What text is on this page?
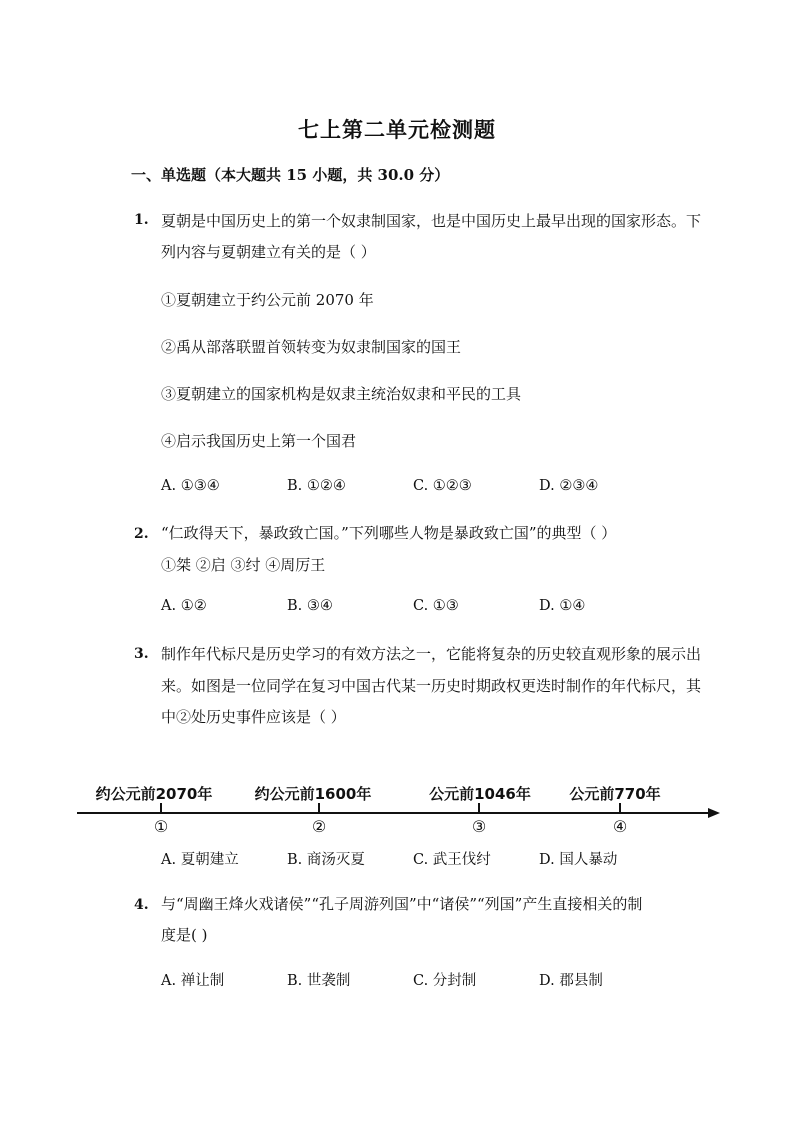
七上第二单元检测题
一、单选题（本大题共 15 小题，共 30.0 分）
1. 夏朝是中国历史上的第一个奴隶制国家，也是中国历史上最早出现的国家形态。下
列内容与夏朝建立有关的是（ ）
①夏朝建立于约公元前 2070 年
②禹从部落联盟首领转变为奴隶制国家的国王
③夏朝建立的国家机构是奴隶主统治奴隶和平民的工具
④启示我国历史上第一个国君
A. ①③④	B. ①②④	C. ①②③	D. ②③④
2. “仁政得天下，暴政致亡国。”下列哪些人物是暴政致亡国”的典型（ ）
①桀 ②启 ③纣 ④周厉王
A. ①②	B. ③④	C. ①③	D. ①④
3. 制作年代标尺是历史学习的有效方法之一，它能将复杂的历史较直观形象的展示出
来。如图是一位同学在复习中国古代某一历史时期政权更迭时制作的年代标尺，其
中②处历史事件应该是（ ）
约公元前2070年	约公元前1600年	公元前1046年	公元前770年
①	②	③	④
A. 夏朝建立	B. 商汤灭夏	C. 武王伐纣	D. 国人暴动
4. 与“周幽王烽火戏诸侯”“孔子周游列国”中“诸侯”“列国”产生直接相关的制
度是( )
A. 禅让制	B. 世袭制	C. 分封制	D. 郡县制
